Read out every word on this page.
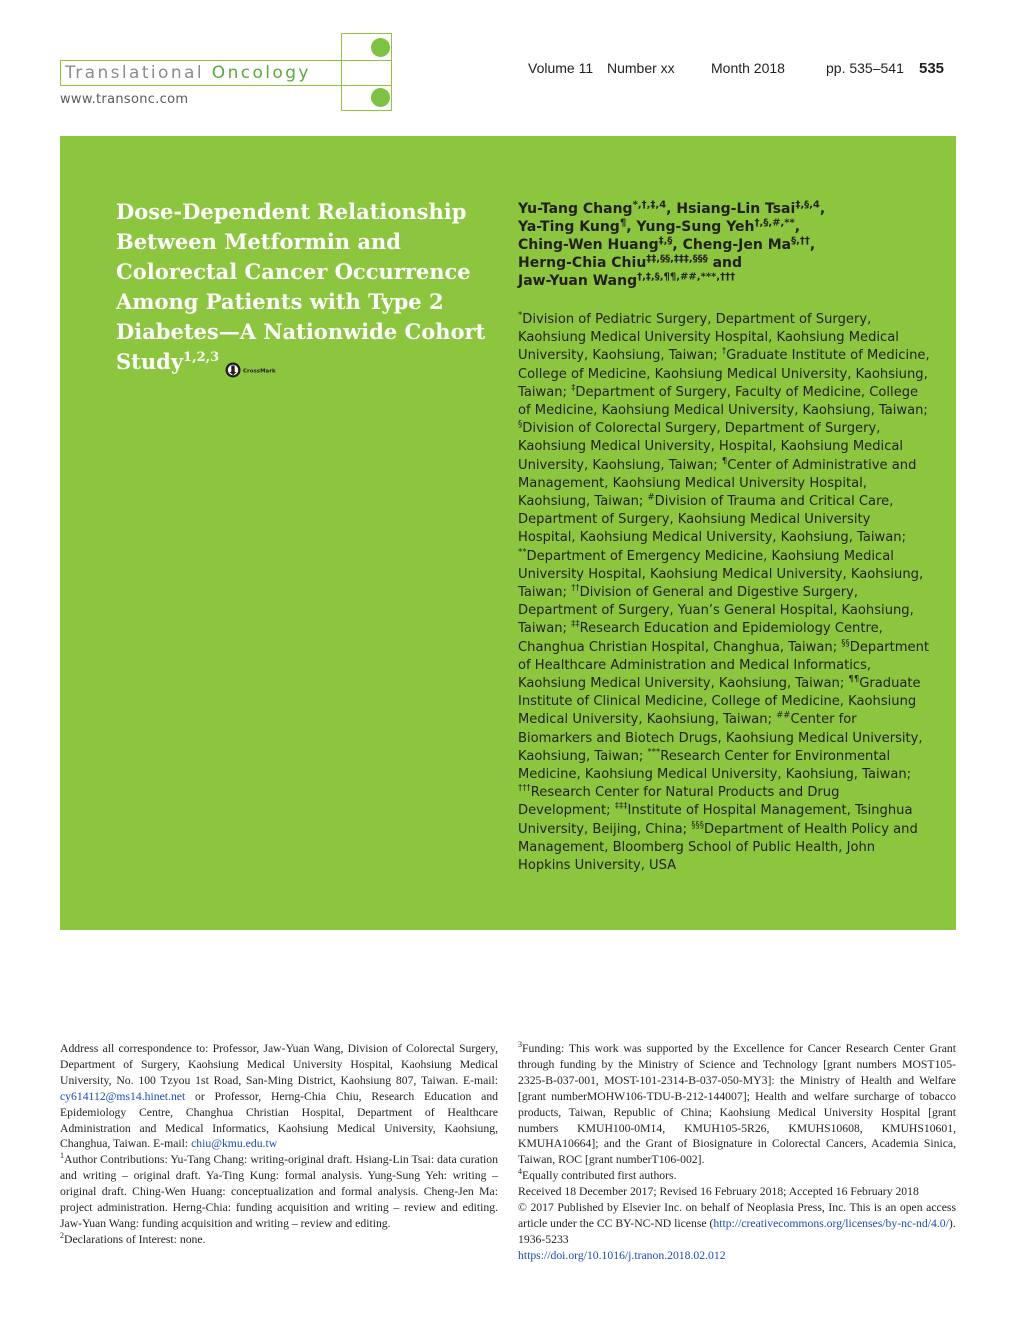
Translational Oncology
www.transonc.com
Volume 11 Number xx	Month 2018	pp. 535–541 535
Dose-Dependent Relationship Between Metformin and Colorectal Cancer Occurrence Among Patients with Type 2 Diabetes—A Nationwide Cohort Study$^{1,2,3}$
CrossMark
Yu-Tang Chang$^{*,\dagger,\ddagger,4}$, Hsiang-Lin Tsai$^{\ddagger,\S,4}$,
Ya-Ting Kung¶, Yung-Sung Yeh†,§,#,**,
Ching-Wen Huang‡,§, Cheng-Jen Ma§,††,
Herng-Chia Chiu‡‡,§§,‡‡‡,§§§ and
Jaw-Yuan Wang†,‡,§,¶¶,##,***,†††
*Division of Pediatric Surgery, Department of Surgery, Kaohsiung Medical University Hospital, Kaohsiung Medical University, Kaohsiung, Taiwan; †Graduate Institute of Medicine, College of Medicine, Kaohsiung Medical University, Kaohsiung, Taiwan; ‡Department of Surgery, Faculty of Medicine, College of Medicine, Kaohsiung Medical University, Kaohsiung, Taiwan; §Division of Colorectal Surgery, Department of Surgery, Kaohsiung Medical University, Hospital, Kaohsiung Medical University, Kaohsiung, Taiwan; ¶Center of Administrative and Management, Kaohsiung Medical University Hospital, Kaohsiung, Taiwan; #Division of Trauma and Critical Care, Department of Surgery, Kaohsiung Medical University Hospital, Kaohsiung Medical University, Kaohsiung, Taiwan; **Department of Emergency Medicine, Kaohsiung Medical University Hospital, Kaohsiung Medical University, Kaohsiung, Taiwan; ††Division of General and Digestive Surgery, Department of Surgery, Yuan’s General Hospital, Kaohsiung, Taiwan; ‡‡Research Education and Epidemiology Centre, Changhua Christian Hospital, Changhua, Taiwan; §§Department of Healthcare Administration and Medical Informatics, Kaohsiung Medical University, Kaohsiung, Taiwan; ¶¶Graduate Institute of Clinical Medicine, College of Medicine, Kaohsiung Medical University, Kaohsiung, Taiwan; ##Center for Biomarkers and Biotech Drugs, Kaohsiung Medical University, Kaohsiung, Taiwan; ***Research Center for Environmental Medicine, Kaohsiung Medical University, Kaohsiung, Taiwan; †††Research Center for Natural Products and Drug Development; ‡‡‡Institute of Hospital Management, Tsinghua University, Beijing, China; §§§Department of Health Policy and Management, Bloomberg School of Public Health, John Hopkins University, USA

Address all correspondence to: Professor, Jaw-Yuan Wang, Division of Colorectal Surgery, Department of Surgery, Kaohsiung Medical University Hospital, Kaohsiung Medical University, No. 100 Tzyou 1st Road, San-Ming District, Kaohsiung 807, Taiwan. E-mail: cy614112@ms14.hinet.net or Professor, Herng-Chia Chiu, Research Education and Epidemiology Centre, Changhua Christian Hospital, Department of Healthcare Administration and Medical Informatics, Kaohsiung Medical University, Kaohsiung, Changhua, Taiwan. E-mail: chiu@kmu.edu.tw

$^1$Author Contributions: Yu-Tang Chang: writing-original draft. Hsiang-Lin Tsai: data curation and writing – original draft. Ya-Ting Kung: formal analysis. Yung-Sung Yeh: writing – original draft. Ching-Wen Huang: conceptualization and formal analysis. Cheng-Jen Ma: project administration. Herng-Chia: funding acquisition and writing – review and editing. Jaw-Yuan Wang: funding acquisition and writing – review and editing.

$^2$Declarations of Interest: none.

$^3$Funding: This work was supported by the Excellence for Cancer Research Center Grant through funding by the Ministry of Science and Technology [grant numbers MOST105-2325-B-037-001, MOST-101-2314-B-037-050-MY3]: the Ministry of Health and Welfare [grant numberMOHW106-TDU-B-212-144007]; Health and welfare surcharge of tobacco products, Taiwan, Republic of China; Kaohsiung Medical University Hospital [grant numbers KMUH100-0M14, KMUH105-5R26, KMUHS10608, KMUHS10601, KMUHA10664]; and the Grant of Biosignature in Colorectal Cancers, Academia Sinica, Taiwan, ROC [grant numberT106-002].

$^4$Equally contributed first authors.

Received 18 December 2017; Revised 16 February 2018; Accepted 16 February 2018

© 2017 Published by Elsevier Inc. on behalf of Neoplasia Press, Inc. This is an open access article under the CC BY-NC-ND license (http://creativecommons.org/licenses/by-nc-nd/4.0/).

1936-5233

https://doi.org/10.1016/j.tranon.2018.02.012
